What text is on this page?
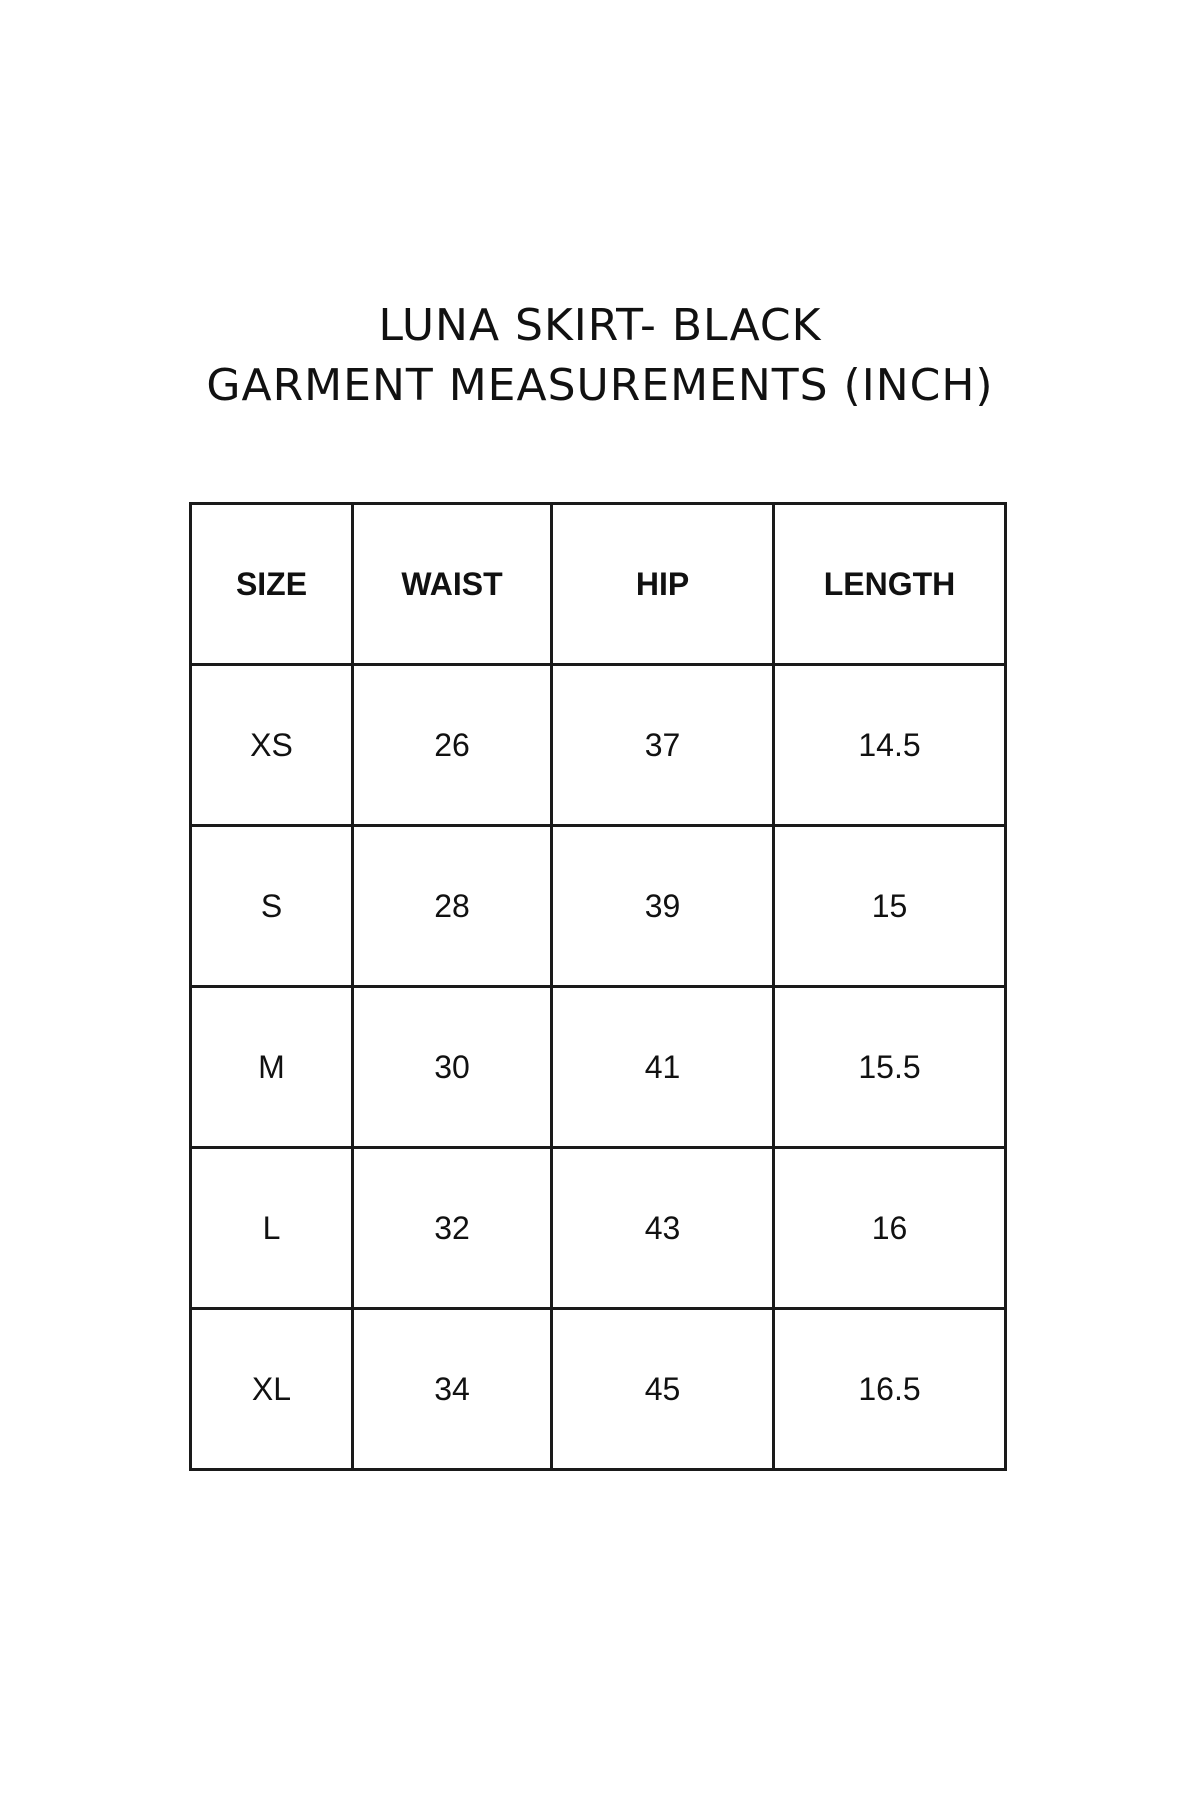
LUNA SKIRT- BLACK
GARMENT MEASUREMENTS (INCH)
SIZE	WAIST	HIP	LENGTH
XS	26	37	14.5
S	28	39	15
M	30	41	15.5
L	32	43	16
XL	34	45	16.5
